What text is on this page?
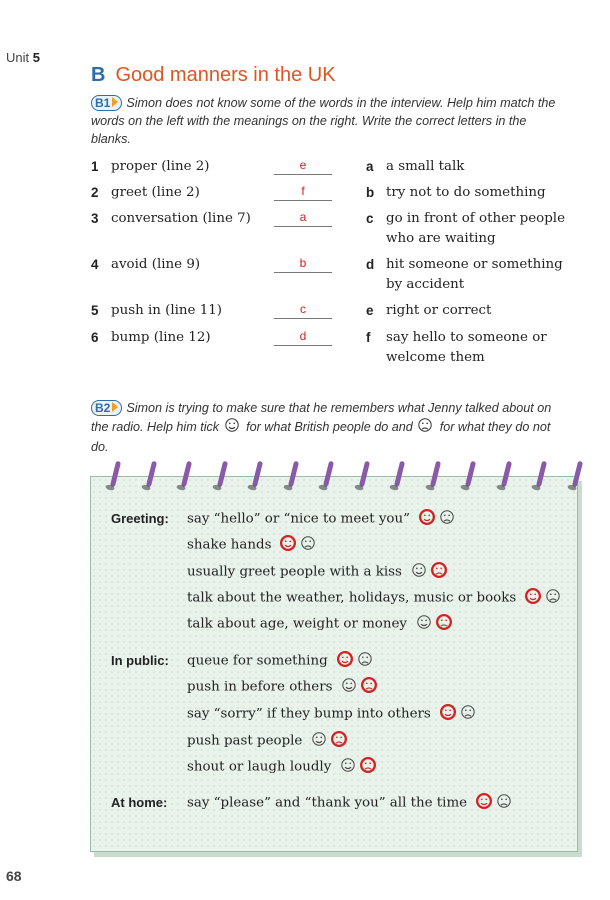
Unit 5
B Good manners in the UK
B1 Simon does not know some of the words in the interview. Help him match the words on the left with the meanings on the right. Write the correct letters in the blanks.
1 proper (line 2)	e	a a small talk
2 greet (line 2)	f	b try not to do something
3 conversation (line 7)	a	c go in front of other people who are waiting
4 avoid (line 9)	b	d hit someone or something by accident
5 push in (line 11)	c	e right or correct
6 bump (line 12)	d	f say hello to someone or welcome them
B2 Simon is trying to make sure that he remembers what Jenny talked about on the radio. Help him tick for what British people do and for what they do not do.
Greeting: say “hello” or “nice to meet you”
shake hands
usually greet people with a kiss
talk about the weather, holidays, music or books
talk about age, weight or money
In public: queue for something
push in before others
say “sorry” if they bump into others
push past people
shout or laugh loudly
At home: say “please” and “thank you” all the time
68
